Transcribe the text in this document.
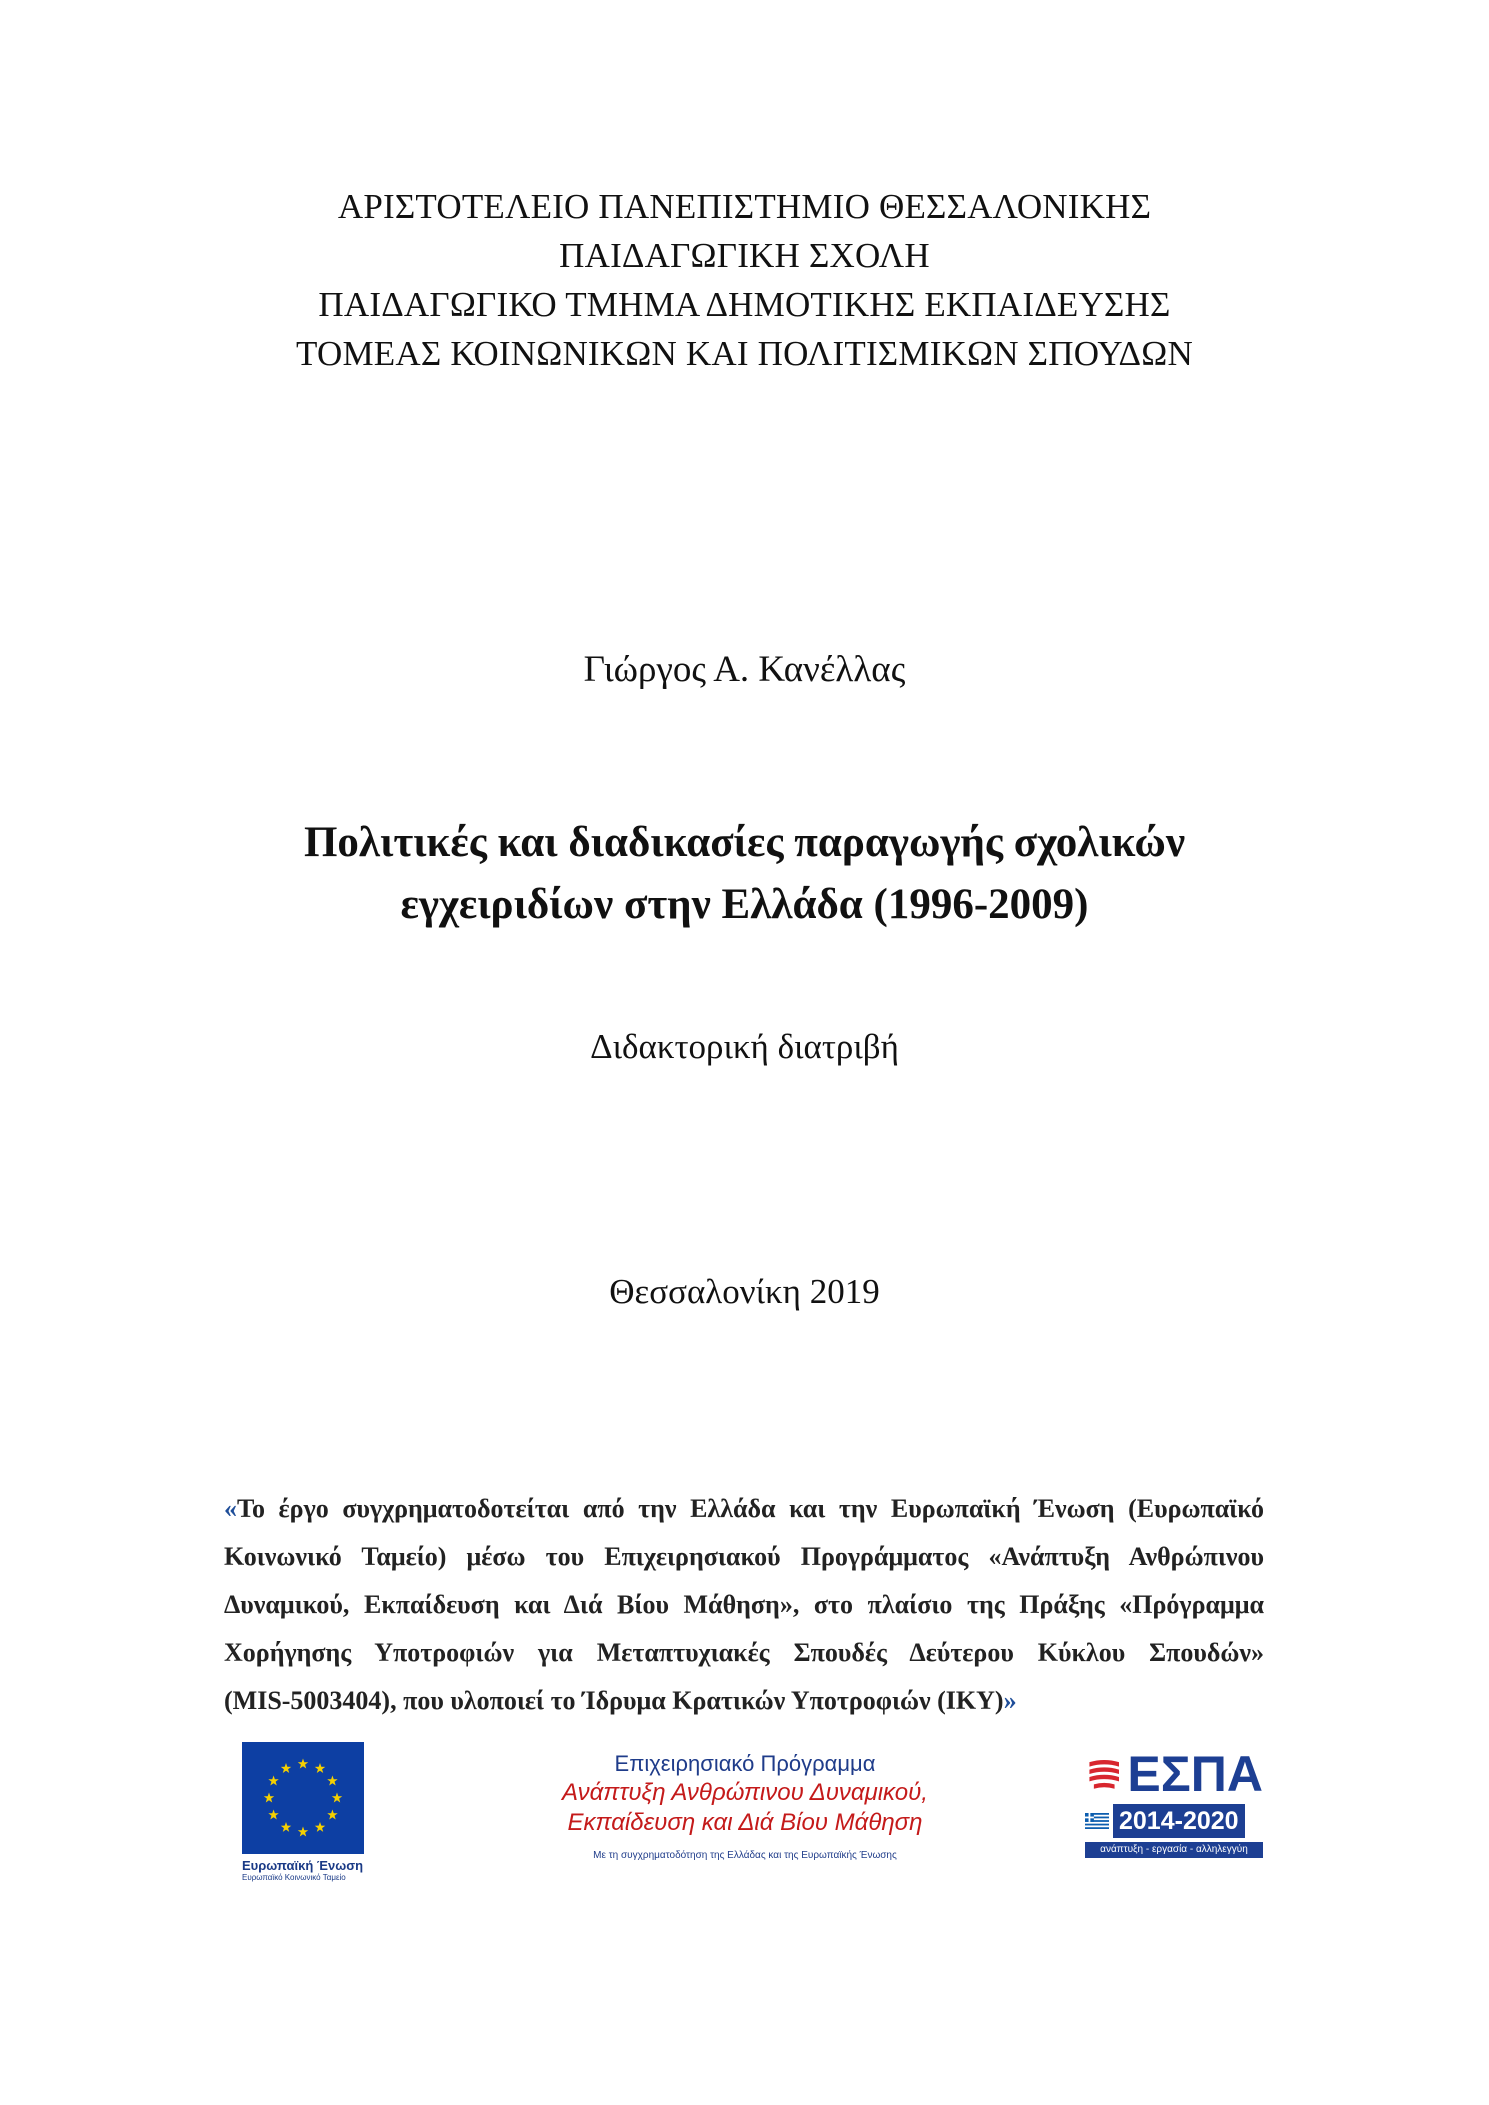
ΑΡΙΣΤΟΤΕΛΕΙΟ ΠΑΝΕΠΙΣΤΗΜΙΟ ΘΕΣΣΑΛΟΝΙΚΗΣ
ΠΑΙΔΑΓΩΓΙΚΗ ΣΧΟΛΗ
ΠΑΙΔΑΓΩΓΙΚΟ ΤΜΗΜΑ ΔΗΜΟΤΙΚΗΣ ΕΚΠΑΙΔΕΥΣΗΣ
ΤΟΜΕΑΣ ΚΟΙΝΩΝΙΚΩΝ ΚΑΙ ΠΟΛΙΤΙΣΜΙΚΩΝ ΣΠΟΥΔΩΝ
Γιώργος Α. Κανέλλας
Πολιτικές και διαδικασίες παραγωγής σχολικών
εγχειριδίων στην Ελλάδα (1996-2009)
Διδακτορική διατριβή
Θεσσαλονίκη 2019
«Το έργο συγχρηματοδοτείται από την Ελλάδα και την Ευρωπαϊκή Ένωση (Ευρωπαϊκό
Κοινωνικό Ταμείο) μέσω του Επιχειρησιακού Προγράμματος «Ανάπτυξη Ανθρώπινου
Δυναμικού, Εκπαίδευση και Διά Βίου Μάθηση», στο πλαίσιο της Πράξης «Πρόγραμμα
Χορήγησης Υποτροφιών για Μεταπτυχιακές Σπουδές Δεύτερου Κύκλου Σπουδών»
(MIS-5003404), που υλοποιεί το Ίδρυμα Κρατικών Υποτροφιών (ΙΚΥ)»
Ευρωπαϊκή Ένωση
Ευρωπαϊκό Κοινωνικό Ταμείο
Επιχειρησιακό Πρόγραμμα
Ανάπτυξη Ανθρώπινου Δυναμικού,
Εκπαίδευση και Διά Βίου Μάθηση
Με τη συγχρηματοδότηση της Ελλάδας και της Ευρωπαϊκής Ένωσης
ΕΣΠΑ
2014-2020
ανάπτυξη - εργασία - αλληλεγγύη
